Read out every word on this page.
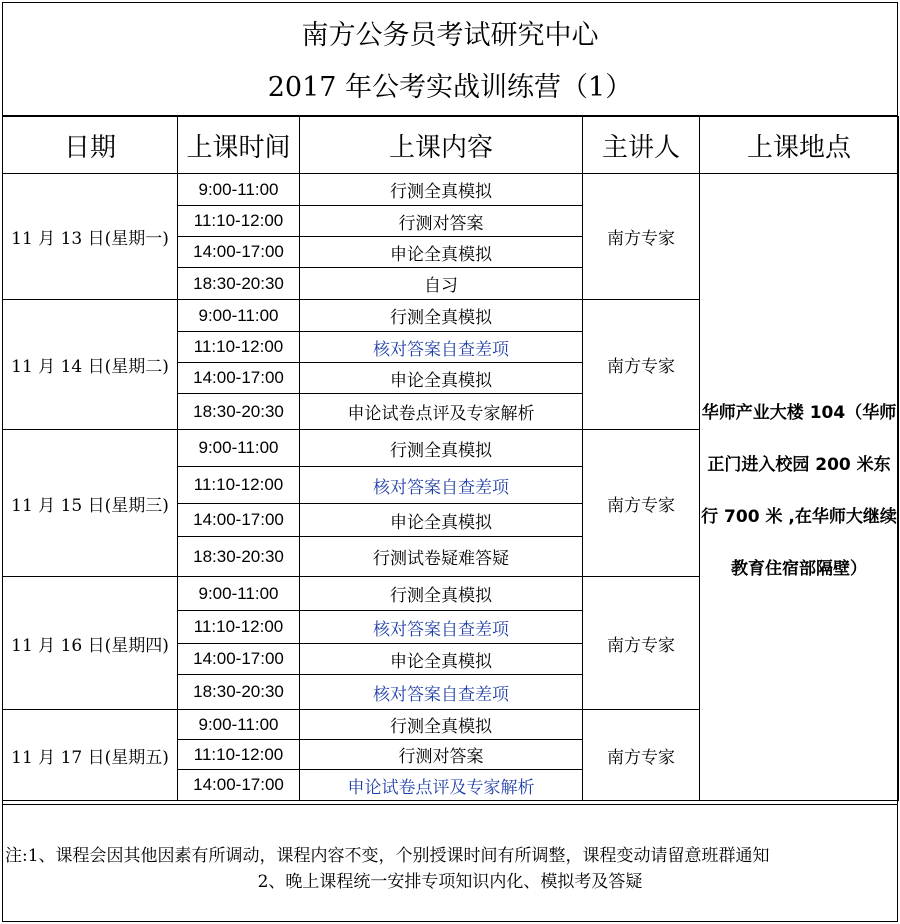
南方公务员考试研究中心
2017 年公考实战训练营（1）
日期	上课时间	上课内容	主讲人	上课地点
11 月 13 日(星期一)	9:00-11:00	行测全真模拟	南方专家	华师产业大楼 104（华师正门进入校园 200 米东行 700 米 ,在华师大继续教育住宿部隔壁）

	11:10-12:00	行测对答案		
	14:00-17:00	申论全真模拟		
	18:30-20:30	自习		
11 月 14 日(星期二)	9:00-11:00	行测全真模拟	南方专家	
	11:10-12:00	核对答案自查差项		
	14:00-17:00	申论全真模拟		
	18:30-20:30	申论试卷点评及专家解析		
11 月 15 日(星期三)	9:00-11:00	行测全真模拟	南方专家	
	11:10-12:00	核对答案自查差项		
	14:00-17:00	申论全真模拟		
	18:30-20:30	行测试卷疑难答疑		
11 月 16 日(星期四)	9:00-11:00	行测全真模拟	南方专家	
	11:10-12:00	核对答案自查差项		
	14:00-17:00	申论全真模拟		
	18:30-20:30	核对答案自查差项		
11 月 17 日(星期五)	9:00-11:00	行测全真模拟	南方专家	
	11:10-12:00	行测对答案		
	14:00-17:00	申论试卷点评及专家解析		
注:1、课程会因其他因素有所调动，课程内容不变，个别授课时间有所调整，课程变动请留意班群通知
2、晚上课程统一安排专项知识内化、模拟考及答疑
